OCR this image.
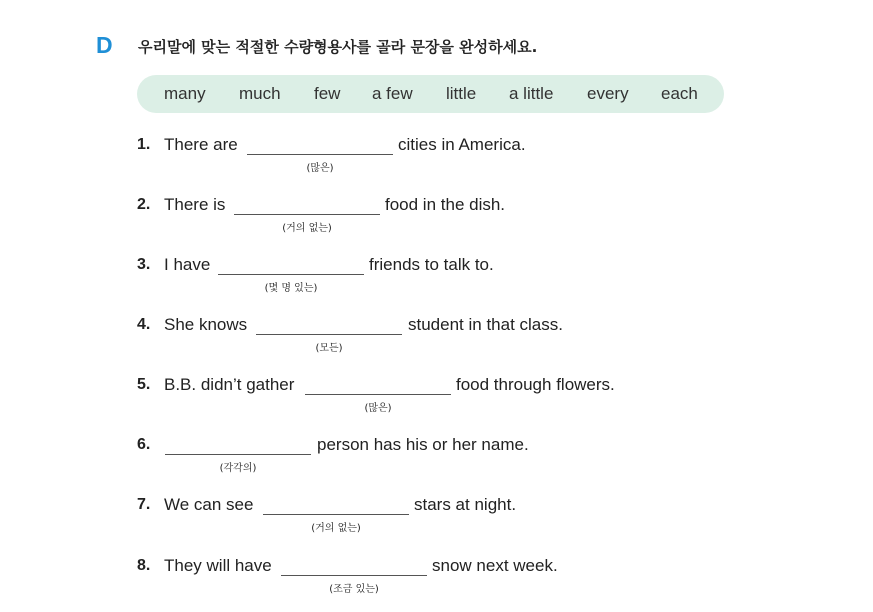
D 우리말에 맞는 적절한 수량형용사를 골라 문장을 완성하세요.
many much few a few little a little every each
1. There are	cities in America.
(많은)
2. There is	food in the dish.
(거의 없는)
3. I have	friends to talk to.
(몇 명 있는)
4. She knows	student in that class.
(모든)
5. B.B. didn’t gather	food through flowers.
(많은)
6.	person has his or her name.
(각각의)
7. We can see	stars at night.
(거의 없는)
8. They will have	snow next week.
(조금 있는)
